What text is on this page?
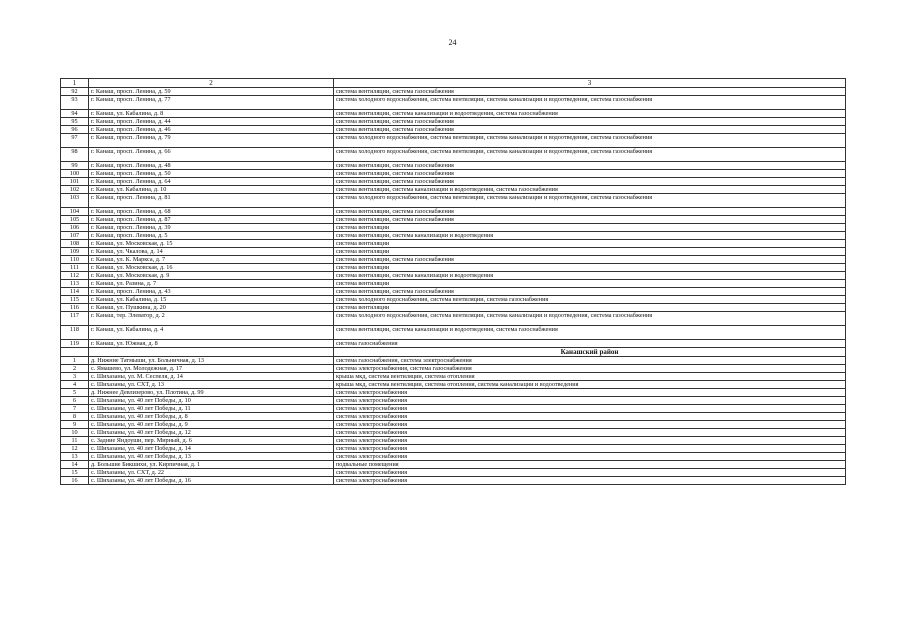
24
1	2	3
92	г. Канаш, просп. Ленина, д. 59	система вентиляции, система газоснабжения
93	г. Канаш, просп. Ленина, д. 77	система холодного водоснабжения, система вентиляции, система канализации и водоотведения, система газоснабжения
94	г. Канаш, ул. Кабалина, д. 8	система вентиляции, система канализации и водоотведения, система газоснабжения
95	г. Канаш, просп. Ленина, д. 44	система вентиляции, система газоснабжения
96	г. Канаш, просп. Ленина, д. 46	система вентиляции, система газоснабжения
97	г. Канаш, просп. Ленина, д. 79	система холодного водоснабжения, система вентиляции, система канализации и водоотведения, система газоснабжения
98	г. Канаш, просп. Ленина, д. 66	система холодного водоснабжения, система вентиляции, система канализации и водоотведения, система газоснабжения
99	г. Канаш, просп. Ленина, д. 48	система вентиляции, система газоснабжения
100	г. Канаш, просп. Ленина, д. 50	система вентиляции, система газоснабжения
101	г. Канаш, просп. Ленина, д. 64	система вентиляции, система газоснабжения
102	г. Канаш, ул. Кабалина, д. 10	система вентиляции, система канализации и водоотведения, система газоснабжения
103	г. Канаш, просп. Ленина, д. 81	система холодного водоснабжения, система вентиляции, система канализации и водоотведения, система газоснабжения
104	г. Канаш, просп. Ленина, д. 68	система вентиляции, система газоснабжения
105	г. Канаш, просп. Ленина, д. 87	система вентиляции, система газоснабжения
106	г. Канаш, просп. Ленина, д. 39	система вентиляции
107	г. Канаш, просп. Ленина, д. 5	система вентиляции, система канализации и водоотведения
108	г. Канаш, ул. Московская, д. 15	система вентиляции
109	г. Канаш, ул. Чкалова, д. 14	система вентиляции
110	г. Канаш, ул. К. Маркса, д. 7	система вентиляции, система газоснабжения
111	г. Канаш, ул. Московская, д. 16	система вентиляции
112	г. Канаш, ул. Московская, д. 9	система вентиляции, система канализации и водоотведения
113	г. Канаш, ул. Разина, д. 7	система вентиляции
114	г. Канаш, просп. Ленина, д. 43	система вентиляции, система газоснабжения
115	г. Канаш, ул. Кабалина, д. 15	система холодного водоснабжения, система вентиляции, система газоснабжения
116	г. Канаш, ул. Пушкина, д. 20	система вентиляции
117	г. Канаш, тер. Элеватор, д. 2	система холодного водоснабжения, система вентиляции, система канализации и водоотведения, система газоснабжения
118	г. Канаш, ул. Кабалина, д. 4	система вентиляции, система канализации и водоотведения, система газоснабжения
119	г. Канаш, ул. Южная, д. 8	система газоснабжения
		Канашский район
1	д. Нижние Татмыши, ул. Больничная, д. 13	система газоснабжения, система электроснабжения
2	с. Ямашево, ул. Молодежная, д. 17	система электроснабжения, система газоснабжения
3	с. Шихазаны, ул. М. Сеспеля, д. 14	крыша мкд, система вентиляции, система отопления
4	с. Шихазаны, ул. СХТ, д. 13	крыша мкд, система вентиляции, система отопления, система канализации и водоотведения
5	д. Нижнее Девлизерово, ул. Плотина, д. 99	система электроснабжения
6	с. Шихазаны, ул. 40 лет Победы, д. 10	система электроснабжения
7	с. Шихазаны, ул. 40 лет Победы, д. 11	система электроснабжения
8	с. Шихазаны, ул. 40 лет Победы, д. 8	система электроснабжения
9	с. Шихазаны, ул. 40 лет Победы, д. 9	система электроснабжения
10	с. Шихазаны, ул. 40 лет Победы, д. 12	система электроснабжения
11	с. Задние Яндоуши, пер. Мирный, д. 6	система электроснабжения
12	с. Шихазаны, ул. 40 лет Победы, д. 14	система электроснабжения
13	с. Шихазаны, ул. 40 лет Победы, д. 13	система электроснабжения
14	д. Большие Бикшихи, ул. Кирпичная, д. 1	подвальные помещения
15	с. Шихазаны, ул. СХТ, д. 22	система электроснабжения
16	с. Шихазаны, ул. 40 лет Победы, д. 16	система электроснабжения
